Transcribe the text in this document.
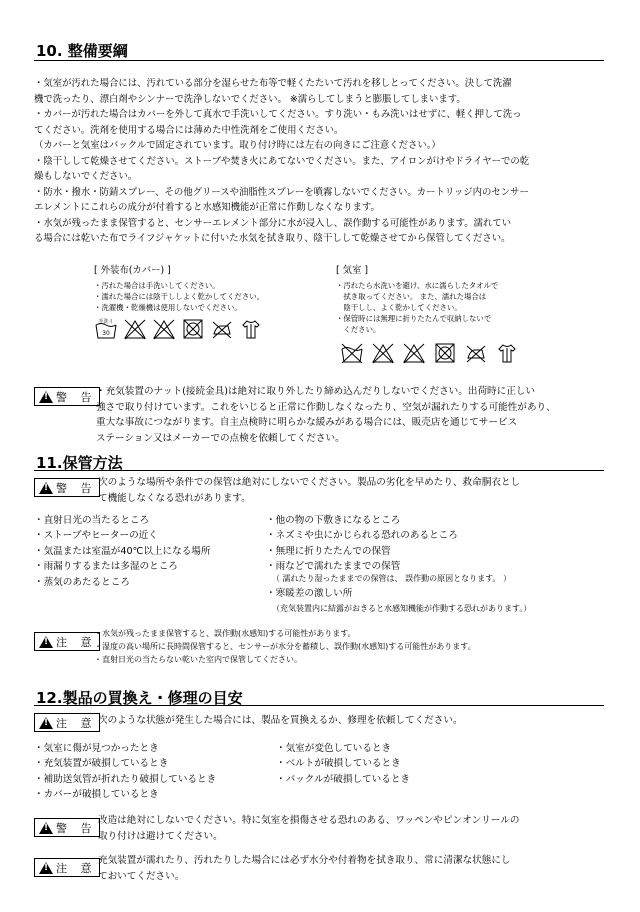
10. 整備要綱
・気室が汚れた場合には、汚れている部分を湿らせた布等で軽くたたいて汚れを移しとってください。決して洗濯
機で洗ったり、漂白剤やシンナーで洗浄しないでください。 ※濡らしてしまうと膨脹してしまいます。
・カバーが汚れた場合はカバーを外して真水で手洗いしてください。すり洗い・もみ洗いはせずに、軽く押して洗っ
てください。洗剤を使用する場合には薄めた中性洗剤をご使用ください。
（カバーと気室はバックルで固定されています。取り付け時には左右の向きにご注意ください。）
・陰干しして乾燥させてください。ストーブや焚き火にあてないでください。また、アイロンがけやドライヤーでの乾
燥もしないでください。
・防水・撥水・防錆スプレー、その他グリースや油脂性スプレーを噴霧しないでください。カートリッジ内のセンサー
エレメントにこれらの成分が付着すると水感知機能が正常に作動しなくなります。
・水気が残ったまま保管すると、センサーエレメント部分に水が浸入し、誤作動する可能性があります。濡れてい
る場合には乾いた布でライフジャケットに付いた水気を拭き取り、陰干しして乾燥させてから保管してください。
[ 外装布(カバー) ]
・汚れた場合は手洗いしてください。
・濡れた場合には陰干ししよく乾かしてください。
・洗濯機・乾燥機は使用しないでください。
手洗イ
30
[ 気室 ]
・汚れたら水洗いを避け、水に濡らしたタオルで
　拭き取ってください。 また、濡れた場合は
　陰干しし、よく乾かしてください。
・保管時には無理に折りたたんで収納しないで
　ください。
!
警 告 ・充気装置のナット(接続金具)は絶対に取り外したり締め込んだりしないでください。出荷時に正しい
強さで取り付けています。これをいじると正常に作動しなくなったり、空気が漏れたりする可能性があり、
重大な事故につながります。自主点検時に明らかな緩みがある場合には、販売店を通じてサービス
ステーション又はメーカーでの点検を依頼してください。
11.保管方法
!
警 告 次のような場所や条件での保管は絶対にしないでください。製品の劣化を早めたり、救命胴衣とし
て機能しなくなる恐れがあります。
・直射日光の当たるところ
・ストーブやヒーターの近く
・気温または室温が40℃以上になる場所
・雨漏りするまたは多湿のところ
・蒸気のあたるところ
・他の物の下敷きになるところ
・ネズミや虫にかじられる恐れのあるところ
・無理に折りたたんでの保管
・雨などで濡れたままでの保管
（ 濡れたり湿ったままでの保管は、 誤作動の原因となります。 ）
・寒暖差の激しい所
（充気装置内に結露がおきると水感知機能が作動する恐れがあります。）
!
注 意
・水気が残ったまま保管すると、誤作動(水感知)する可能性があります。
・湿度の高い場所に長時間保管すると、センサーが水分を蓄積し、誤作動(水感知)する可能性があります。
・直射日光の当たらない乾いた室内で保管してください。
12.製品の買換え・修理の目安
!
注 意 次のような状態が発生した場合には、製品を買換えるか、修理を依頼してください。
・気室に傷が見つかったとき
・充気装置が破損しているとき
・補助送気管が折れたり破損しているとき
・カバーが破損しているとき
・気室が変色しているとき
・ベルトが破損しているとき
・バックルが破損しているとき
!
警 告
改造は絶対にしないでください。特に気室を損傷させる恐れのある、ワッペンやピンオンリールの
取り付けは避けてください。
!
注 意
充気装置が濡れたり、汚れたりした場合には必ず水分や付着物を拭き取り、常に清潔な状態にし
ておいてください。
